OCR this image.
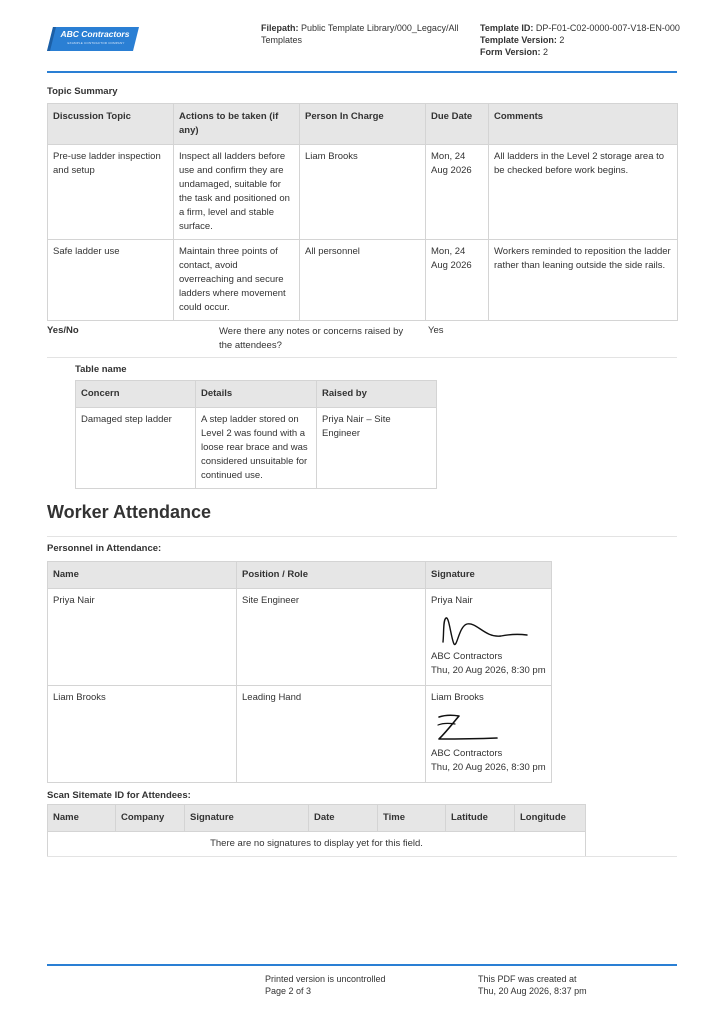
ABC Contractors
EXAMPLE CONTRACTOR COMPANY
Filepath: Public Template Library/000_Legacy/All
Templates
Template ID: DP-F01-C02-0000-007-V18-EN-000
Template Version: 2
Form Version: 2
Topic Summary
Discussion Topic	Actions to be taken (if any)	Person In Charge	Due Date	Comments
Pre-use ladder inspection and setup	Inspect all ladders before use and confirm they are undamaged, suitable for the task and positioned on a firm, level and stable surface.	Liam Brooks	Mon, 24 Aug 2026	All ladders in the Level 2 storage area to be checked before work begins.
Safe ladder use	Maintain three points of contact, avoid overreaching and secure ladders where movement could occur.	All personnel	Mon, 24 Aug 2026	Workers reminded to reposition the ladder rather than leaning outside the side rails.
Yes/No	Were there any notes or concerns raised by the attendees?
Yes
Table name
Concern	Details	Raised by
Damaged step ladder	A step ladder stored on Level 2 was found with a loose rear brace and was considered unsuitable for continued use.	Priya Nair – Site Engineer
Worker Attendance
Personnel in Attendance:
Name	Position / Role	Signature
Priya Nair	Site Engineer	Priya Nair
ABC Contractors
Thu, 20 Aug 2026, 8:30 pm

Liam Brooks	Leading Hand	Liam Brooks
ABC Contractors
Thu, 20 Aug 2026, 8:30 pm
Scan Sitemate ID for Attendees:
Name	Company	Signature	Date	Time	Latitude	Longitude
There are no signatures to display yet for this field.
Printed version is uncontrolled
Page 2 of 3
This PDF was created at
Thu, 20 Aug 2026, 8:37 pm
